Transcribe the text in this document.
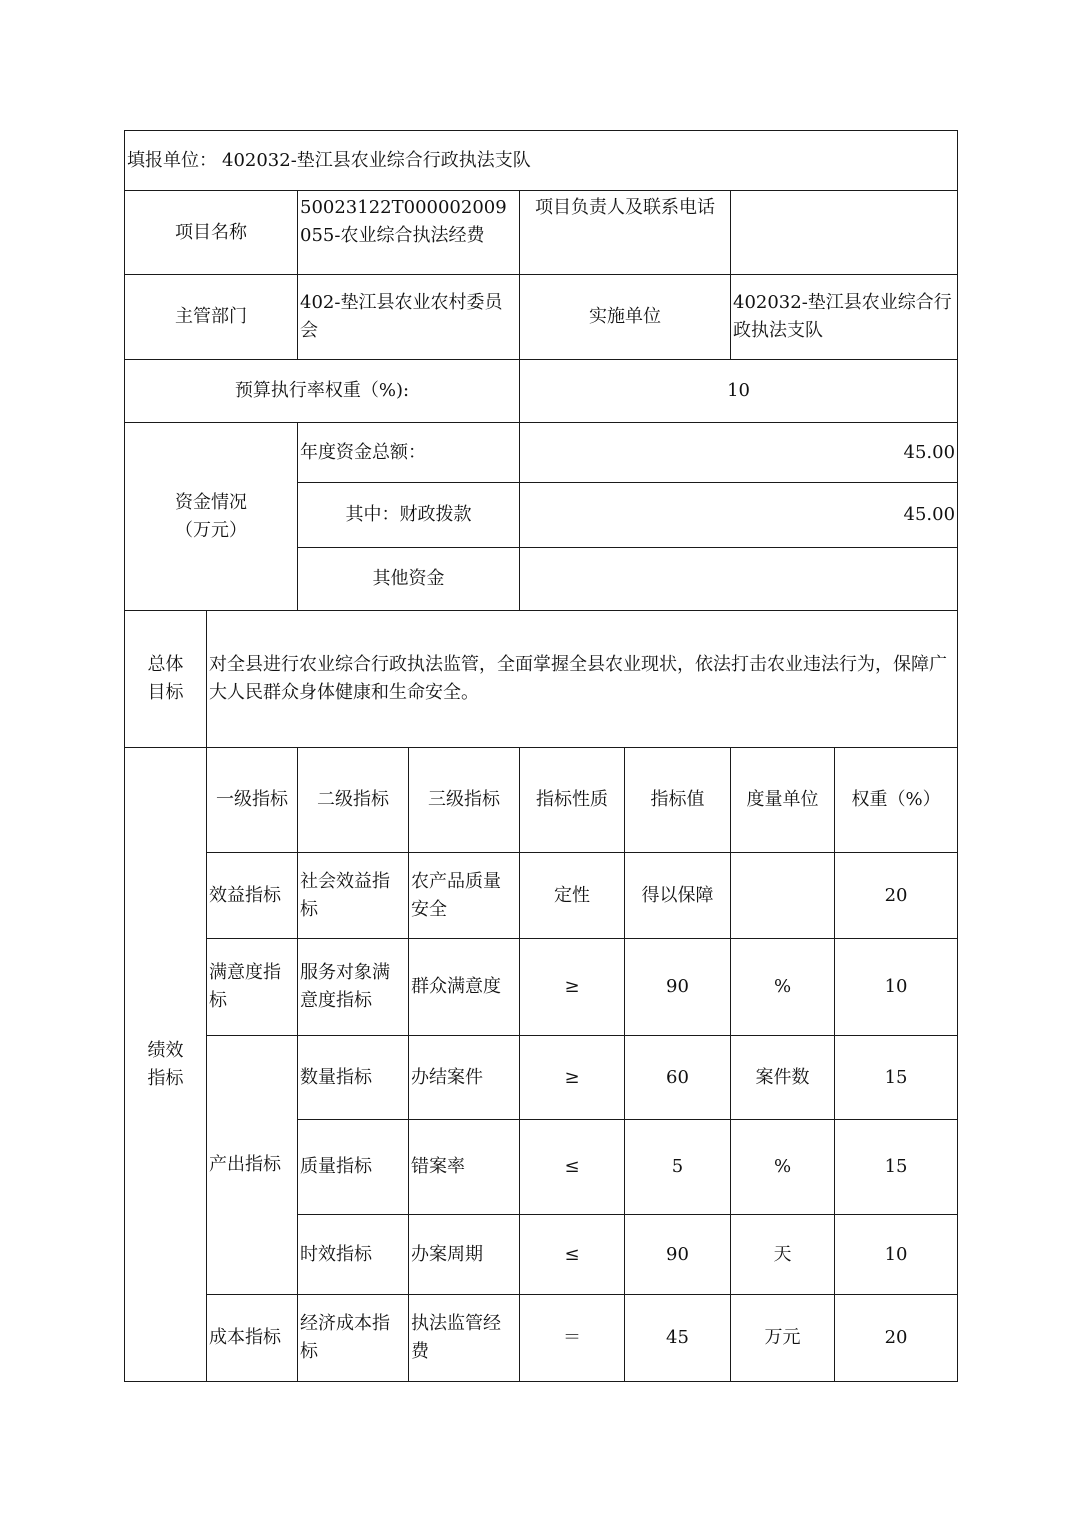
填报单位：	402032-垫江县农业综合行政执法支队

项目名称	50023122T000002009055-农业综合执法经费	项目负责人及联系电话	
主管部门	402-垫江县农业农村委员会	实施单位	402032-垫江县农业综合行政执法支队
预算执行率权重（%):	10

资金情况
（万元）
	年度资金总额：	45.00
其中：财政拨款	45.00
其他资金	

总体
目标
	对全县进行农业综合行政执法监管，全面掌握全县农业现状，依法打击农业违法行为，保障广大人民群众身体健康和生命安全。

绩效
指标
	一级指标	二级指标	三级指标	指标性质	指标值	度量单位	权重（%）
效益指标	社会效益指标	农产品质量安全	定性	得以保障		20
满意度指标	服务对象满意度指标	群众满意度	≥	90	%	10
产出指标	数量指标	办结案件	≥	60	案件数	15
质量指标	错案率	≤	5	%	15
时效指标	办案周期	≤	90	天	10
成本指标	经济成本指标	执法监管经费	＝	45	万元	20
